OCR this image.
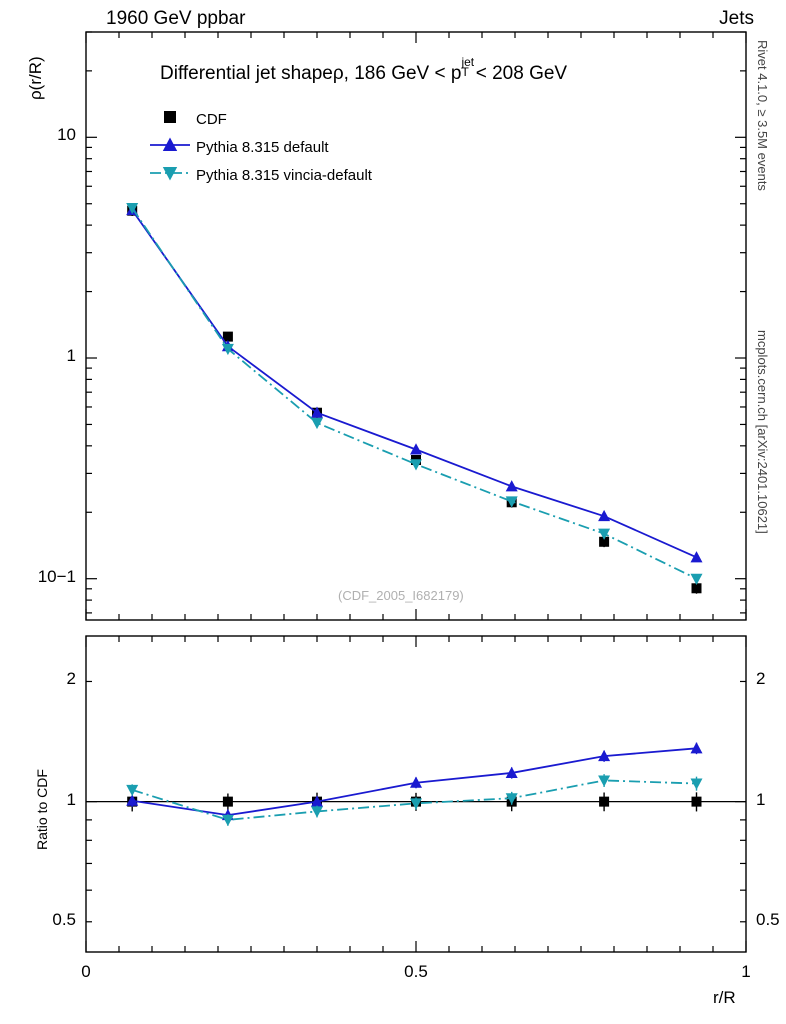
1960 GeV ppbar	Jets
Rivet 4.1.0, ≥ 3.5M events
mcplots.cern.ch [arXiv:2401.10621]
ρ(r/R)
Ratio to CDF
r/R
Differential jet shapeρ, 186 GeV < p T
jet
< 208 GeV
(CDF_2005_I682179)
CDF
Pythia 8.315 default
Pythia 8.315 vincia-default
10−1
1
10
0.5	0.5
1	1
2	2
0	0.5	1
